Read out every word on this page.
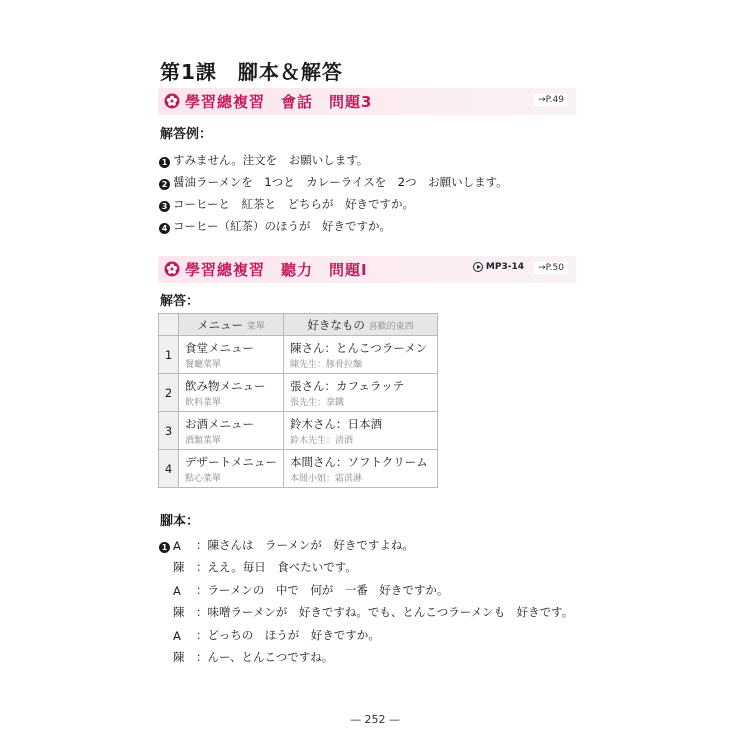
第1課　腳本＆解答
學習總複習　會話　問題3	→P.49
解答例：
1 すみません。注文を　お願いします。
2 醤油ラーメンを　1つと　カレーライスを　2つ　お願いします。
3 コーヒーと　紅茶と　どちらが　好きですか。
4 コーヒー（紅茶）のほうが　好きですか。
學習總複習　聽力　問題Ⅰ	MP3-14	→P.50
解答：
	メニュー 菜單	好きなもの 喜歡的東西
1	食堂メニュー
餐廳菜單	陳さん：とんこつラーメン
陳先生：豚骨拉麵

2	飲み物メニュー
飲料菜單	張さん：カフェラッテ
張先生：拿鐵

3	お酒メニュー
酒類菜單	鈴木さん：日本酒
鈴木先生：清酒

4	デザートメニュー
點心菜單	本間さん：ソフトクリーム
本間小姐：霜淇淋
腳本：
1 A	：陳さんは　ラーメンが　好きですよね。
陳	：ええ。毎日　食べたいです。
A	：ラーメンの　中で　何が　一番　好きですか。
陳	：味噌ラーメンが　好きですね。でも、とんこつラーメンも　好きです。
A	：どっちの　ほうが　好きですか。
陳	：んー、とんこつですね。
— 252 —
